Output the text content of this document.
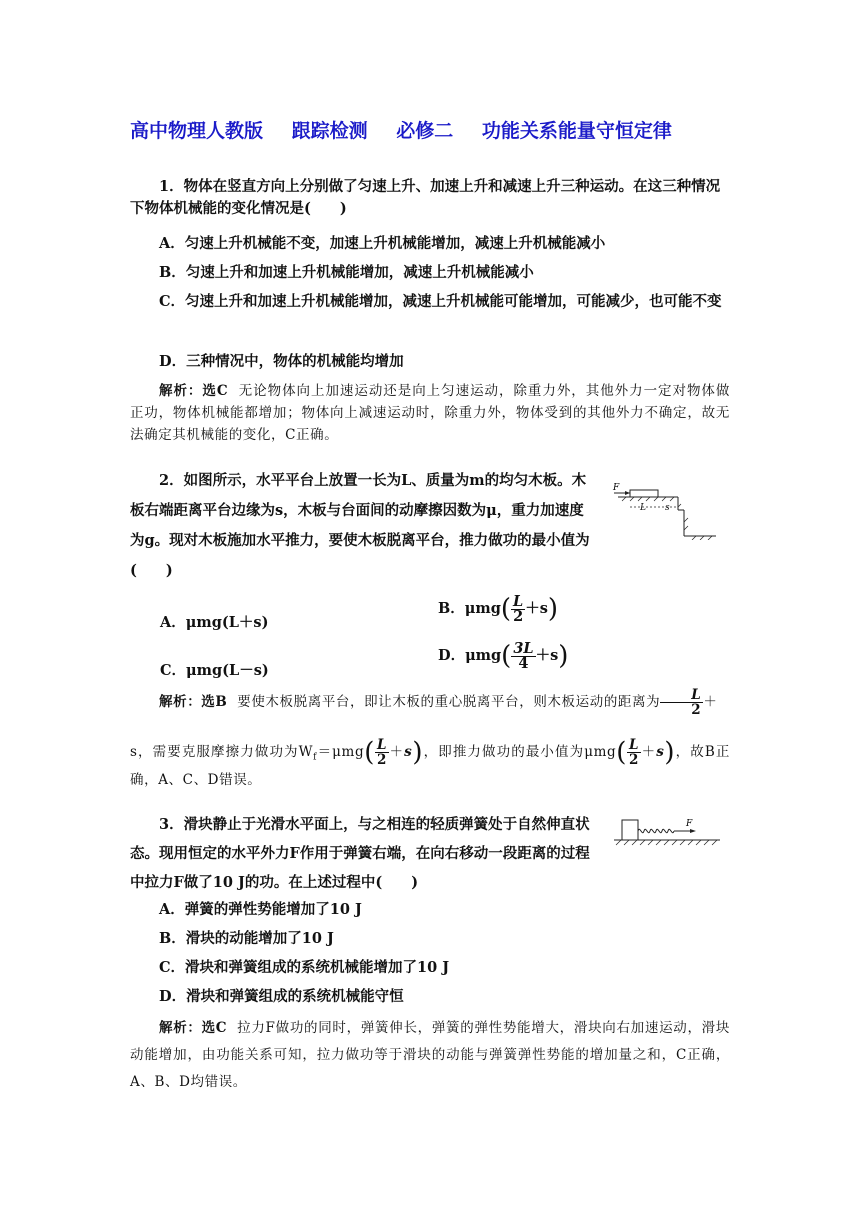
高中物理人教版 跟踪检测 必修二 功能关系能量守恒定律
1．物体在竖直方向上分别做了匀速上升、加速上升和减速上升三种运动。在这三种情况下物体机械能的变化情况是(　　)
A．匀速上升机械能不变，加速上升机械能增加，减速上升机械能减小
B．匀速上升和加速上升机械能增加，减速上升机械能减小
C．匀速上升和加速上升机械能增加，减速上升机械能可能增加，可能减少，也可能不变
D．三种情况中，物体的机械能均增加
解析：选C 无论物体向上加速运动还是向上匀速运动，除重力外，其他外力一定对物体做正功，物体机械能都增加；物体向上减速运动时，除重力外，物体受到的其他外力不确定，故无法确定其机械能的变化，C正确。
2．如图所示，水平平台上放置一长为L、质量为m的均匀木板。木板右端距离平台边缘为s，木板与台面间的动摩擦因数为μ，重力加速度为g。现对木板施加水平推力，要使木板脱离平台，推力做功的最小值为(　　)
F
L s
A．μmg(L＋s)
B．$\mu mg( \frac{L}{2} +s)$
C．μmg(L－s)
D．$\mu mg( \frac{3L}{4} +s)$
解析：选B 要使木板脱离平台，即让木板的重心脱离平台，则木板运动的距离为 $\frac{L}{2}$ ＋
s，需要克服摩擦力做功为$W_f=\mu mg( \frac{L}{2} +s)$，即推力做功的最小值为$\mu mg( \frac{L}{2} +s)$，故B正确，A、C、D错误。
3．滑块静止于光滑水平面上，与之相连的轻质弹簧处于自然伸直状态。现用恒定的水平外力F作用于弹簧右端，在向右移动一段距离的过程中拉力F做了10 J的功。在上述过程中(　　)
F
A．弹簧的弹性势能增加了10 J
B．滑块的动能增加了10 J
C．滑块和弹簧组成的系统机械能增加了10 J
D．滑块和弹簧组成的系统机械能守恒
解析：选C 拉力F做功的同时，弹簧伸长，弹簧的弹性势能增大，滑块向右加速运动，滑块动能增加，由功能关系可知，拉力做功等于滑块的动能与弹簧弹性势能的增加量之和，C正确，A、B、D均错误。
